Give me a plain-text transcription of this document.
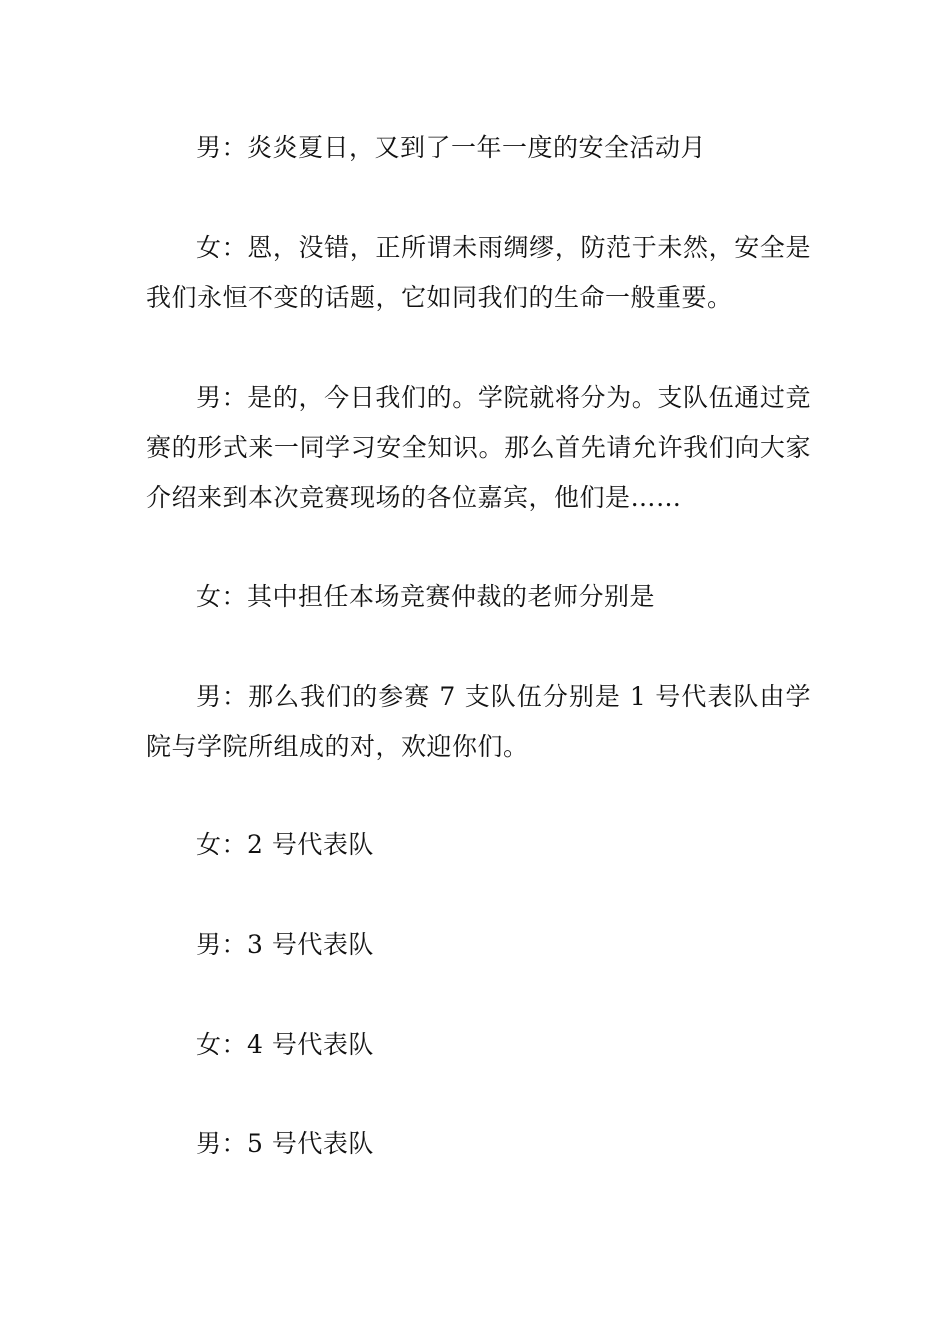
男：炎炎夏日，又到了一年一度的安全活动月

女：恩，没错，正所谓未雨绸缪，防范于未然，安全是我们永恒不变的话题，它如同我们的生命一般重要。

男：是的，今日我们的。学院就将分为。支队伍通过竞赛的形式来一同学习安全知识。那么首先请允许我们向大家介绍来到本次竞赛现场的各位嘉宾，他们是……

女：其中担任本场竞赛仲裁的老师分别是

男：那么我们的参赛 7 支队伍分别是 1 号代表队由学院与学院所组成的对，欢迎你们。

女：2 号代表队

男：3 号代表队

女：4 号代表队

男：5 号代表队
